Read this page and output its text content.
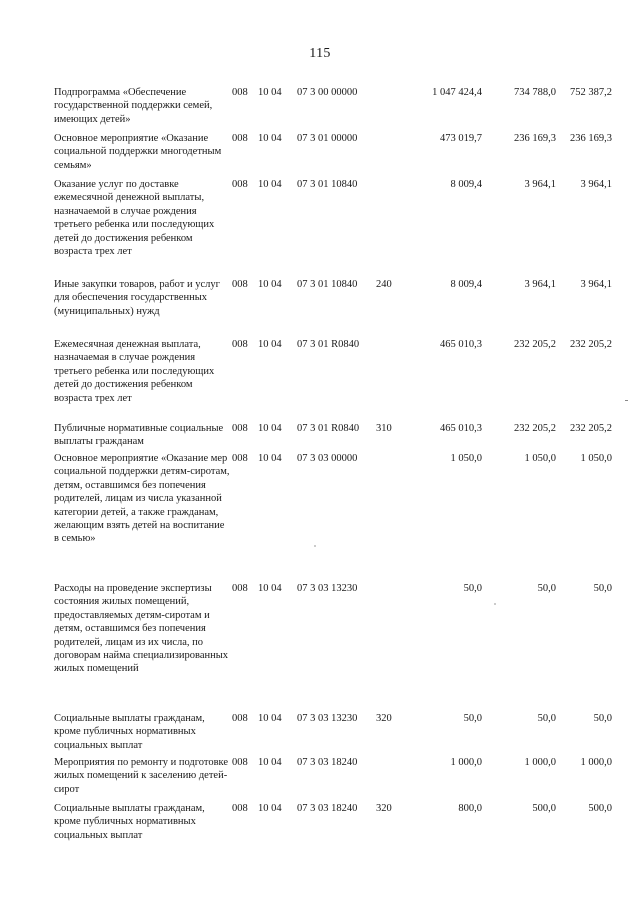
115
Подпрограмма «Обеспечение государственной поддержки семей, имеющих детей»
008 10 04	07 3 00 00000	1 047 424,4	734 788,0	752 387,2
Основное мероприятие «Оказание социальной поддержки многодетным семьям»
008 10 04	07 3 01 00000	473 019,7	236 169,3	236 169,3
Оказание услуг по доставке ежемесячной денежной выплаты, назначаемой в случае рождения третьего ребенка или последующих детей до достижения ребенком возраста трех лет
008 10 04	07 3 01 10840	8 009,4	3 964,1	3 964,1
Иные закупки товаров, работ и услуг для обеспечения государственных (муниципальных) нужд
008 10 04	07 3 01 10840	240	8 009,4	3 964,1	3 964,1
Ежемесячная денежная выплата, назначаемая в случае рождения третьего ребенка или последующих детей до достижения ребенком возраста трех лет
008 10 04	07 3 01 R0840	465 010,3	232 205,2	232 205,2
Публичные нормативные социальные выплаты гражданам
008 10 04	07 3 01 R0840	310	465 010,3	232 205,2	232 205,2
Основное мероприятие «Оказание мер социальной поддержки детям-сиротам, детям, оставшимся без попечения родителей, лицам из числа указанной категории детей, а также гражданам, желающим взять детей на воспитание в семью»
008 10 04	07 3 03 00000	1 050,0	1 050,0	1 050,0
Расходы на проведение экспертизы состояния жилых помещений, предоставляемых детям-сиротам и детям, оставшимся без попечения родителей, лицам из их числа, по договорам найма специализированных жилых помещений
008 10 04	07 3 03 13230	50,0	50,0	50,0
Социальные выплаты гражданам, кроме публичных нормативных социальных выплат
008 10 04	07 3 03 13230	320	50,0	50,0	50,0
Мероприятия по ремонту и подготовке жилых помещений к заселению детей-сирот
008 10 04	07 3 03 18240	1 000,0	1 000,0	1 000,0
Социальные выплаты гражданам, кроме публичных нормативных социальных выплат
008 10 04	07 3 03 18240	320	800,0	500,0	500,0
